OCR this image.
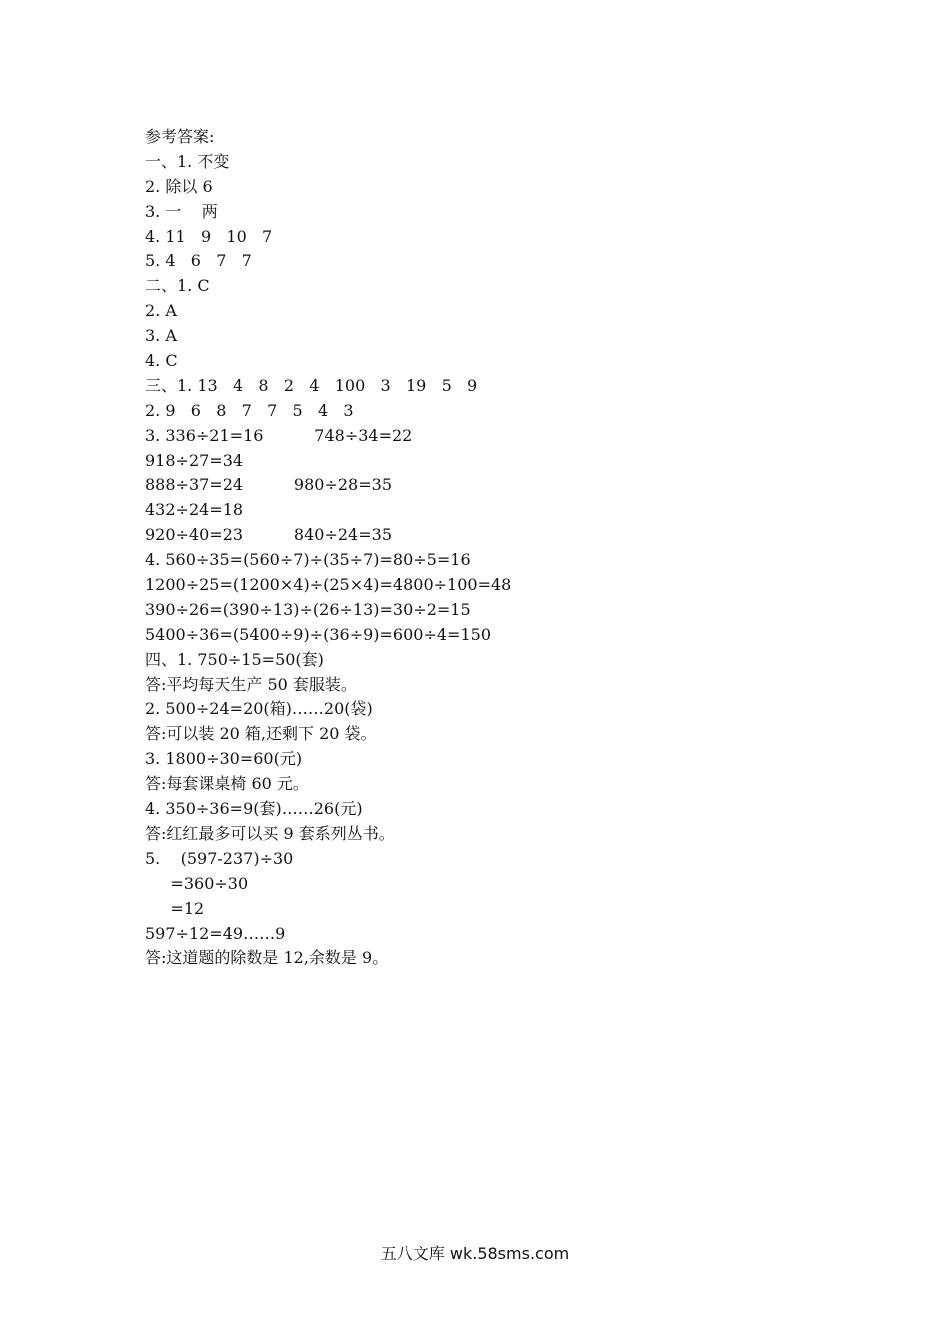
参考答案:
一、1. 不变
2. 除以 6
3. 一    两
4. 11   9   10   7
5. 4   6   7   7
二、1. C
2. A
3. A
4. C
三、1. 13   4   8   2   4   100   3   19   5   9
2. 9   6   8   7   7   5   4   3
3. 336÷21=16          748÷34=22
918÷27=34
888÷37=24          980÷28=35
432÷24=18
920÷40=23          840÷24=35
4. 560÷35=(560÷7)÷(35÷7)=80÷5=16
1200÷25=(1200×4)÷(25×4)=4800÷100=48
390÷26=(390÷13)÷(26÷13)=30÷2=15
5400÷36=(5400÷9)÷(36÷9)=600÷4=150
四、1. 750÷15=50(套)
答:平均每天生产 50 套服装。
2. 500÷24=20(箱)……20(袋)
答:可以装 20 箱,还剩下 20 袋。
3. 1800÷30=60(元)
答:每套课桌椅 60 元。
4. 350÷36=9(套)……26(元)
答:红红最多可以买 9 套系列丛书。
5.    (597-237)÷30
=360÷30
=12
597÷12=49……9
答:这道题的除数是 12,余数是 9。
五八文库 wk.58sms.com
